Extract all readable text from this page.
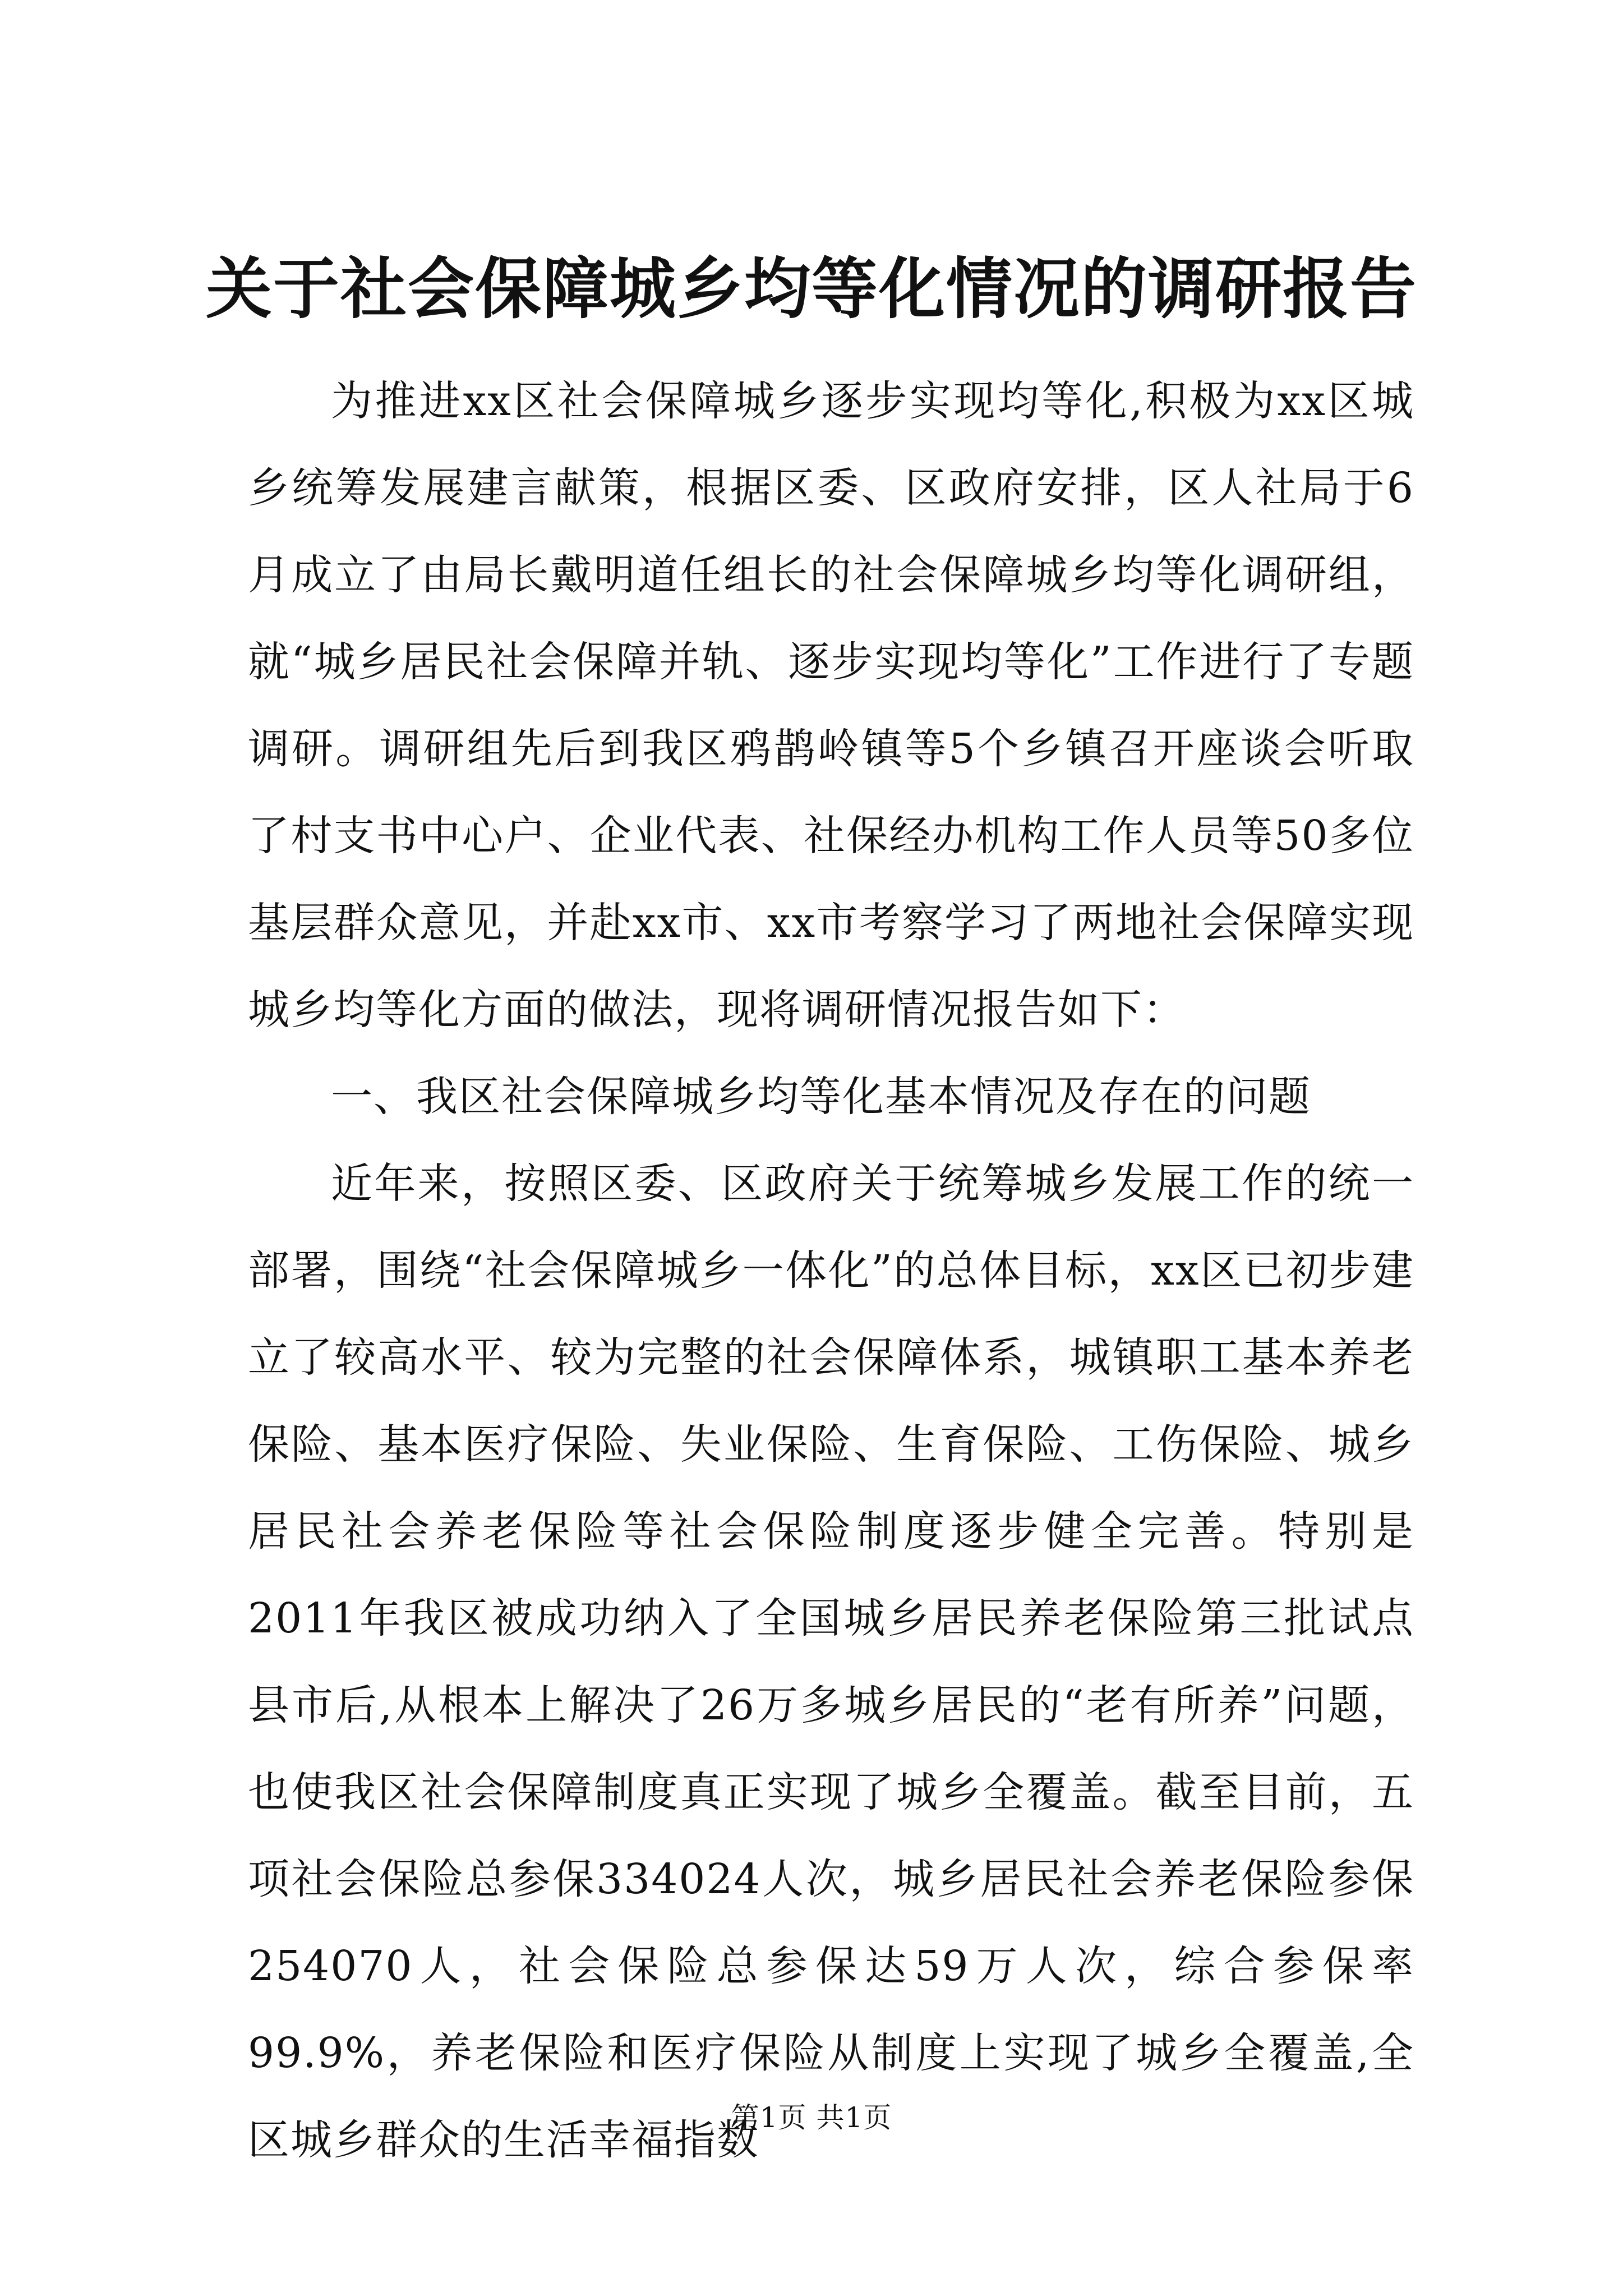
关于社会保障城乡均等化情况的调研报告

为推进xx区社会保障城乡逐步实现均等化,积极为xx区城乡统筹发展建言献策，根据区委、区政府安排，区人社局于6月成立了由局长戴明道任组长的社会保障城乡均等化调研组，就“城乡居民社会保障并轨、逐步实现均等化”工作进行了专题调研。调研组先后到我区鸦鹊岭镇等5个乡镇召开座谈会听取了村支书中心户、企业代表、社保经办机构工作人员等50多位基层群众意见，并赴xx市、xx市考察学习了两地社会保障实现城乡均等化方面的做法，现将调研情况报告如下：

一、我区社会保障城乡均等化基本情况及存在的问题

近年来，按照区委、区政府关于统筹城乡发展工作的统一部署，围绕“社会保障城乡一体化”的总体目标，xx区已初步建立了较高水平、较为完整的社会保障体系，城镇职工基本养老保险、基本医疗保险、失业保险、生育保险、工伤保险、城乡居民社会养老保险等社会保险制度逐步健全完善。特别是2011年我区被成功纳入了全国城乡居民养老保险第三批试点县市后,从根本上解决了26万多城乡居民的“老有所养”问题，也使我区社会保障制度真正实现了城乡全覆盖。截至目前，五项社会保险总参保334024人次，城乡居民社会养老保险参保254070人，社会保险总参保达59万人次，综合参保率99.9%，养老保险和医疗保险从制度上实现了城乡全覆盖,全区城乡群众的生活幸福指数

第1页 共1页
